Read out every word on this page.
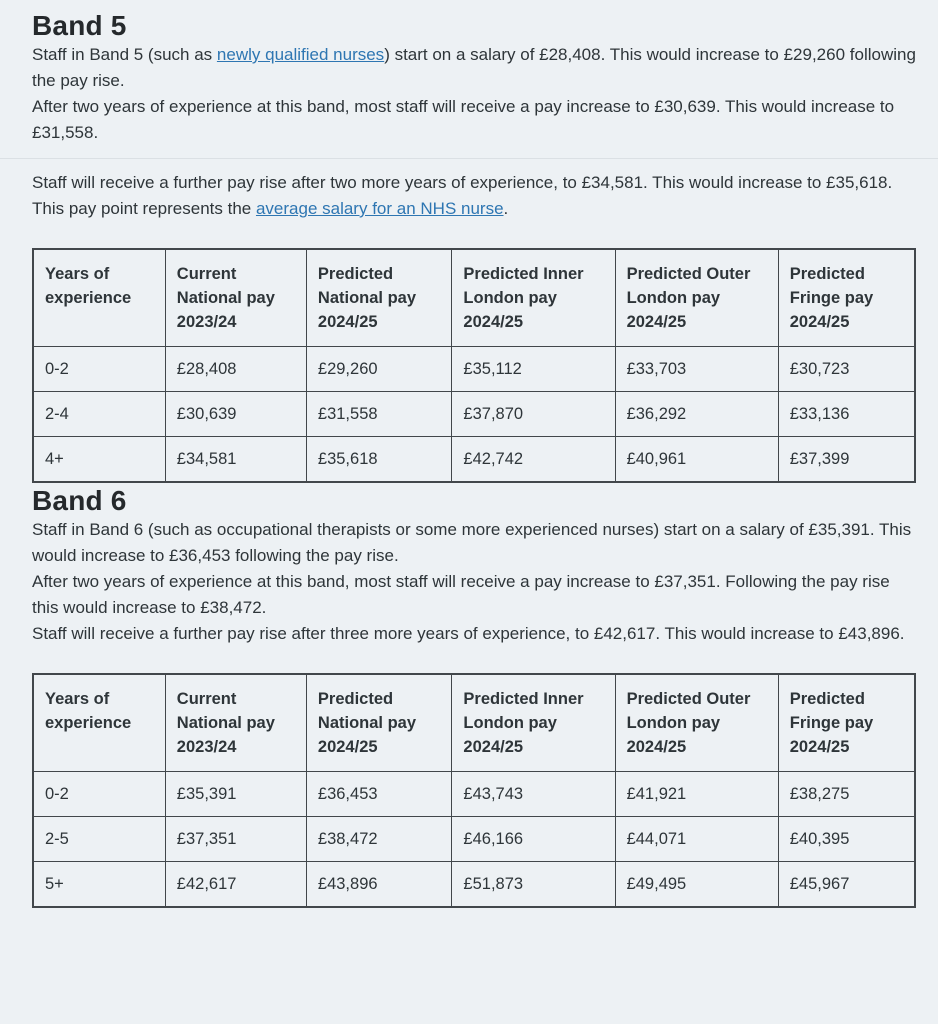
Band 5

Staff in Band 5 (such as newly qualified nurses) start on a salary of £28,408. This would increase to £29,260 following the pay rise.

After two years of experience at this band, most staff will receive a pay increase to £30,639. This would increase to £31,558.

Staff will receive a further pay rise after two more years of experience, to £34,581. This would increase to £35,618. This pay point represents the average salary for an NHS nurse.

Years of experience	Current National pay 2023/24	Predicted National pay 2024/25	Predicted Inner London pay 2024/25	Predicted Outer London pay 2024/25	Predicted Fringe pay 2024/25
0-2	£28,408	£29,260	£35,112	£33,703	£30,723
2-4	£30,639	£31,558	£37,870	£36,292	£33,136
4+	£34,581	£35,618	£42,742	£40,961	£37,399
Band 6

Staff in Band 6 (such as occupational therapists or some more experienced nurses) start on a salary of £35,391. This would increase to £36,453 following the pay rise.

After two years of experience at this band, most staff will receive a pay increase to £37,351. Following the pay rise this would increase to £38,472.

Staff will receive a further pay rise after three more years of experience, to £42,617. This would increase to £43,896.

Years of experience	Current National pay 2023/24	Predicted National pay 2024/25	Predicted Inner London pay 2024/25	Predicted Outer London pay 2024/25	Predicted Fringe pay 2024/25
0-2	£35,391	£36,453	£43,743	£41,921	£38,275
2-5	£37,351	£38,472	£46,166	£44,071	£40,395
5+	£42,617	£43,896	£51,873	£49,495	£45,967
